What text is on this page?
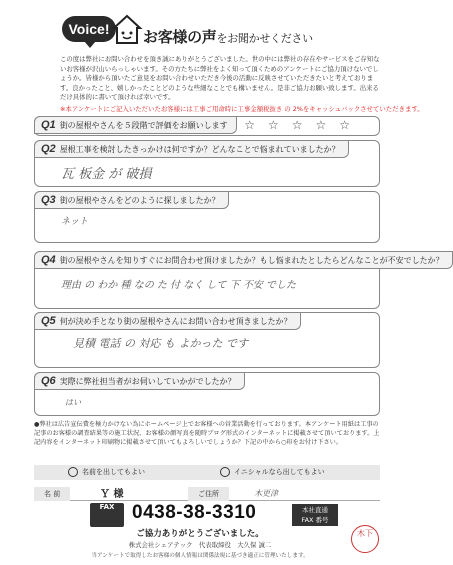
Voice!	お客様の声をお聞かせください
この度は弊社にお問い合わせを頂き誠にありがとうございました。世の中には弊社の存在やサービスをご存知ないお客様が沢山いらっしゃいます。その方たちに弊社をよく知って頂くためのアンケートにご協力頂けないでしょうか。皆様から頂いたご意見をお問い合わせいただき今後の活動に反映させていただきたいと考えております。良かったこと、嬉しかったことどのような些細なことでも構いません。是非ご協力お願い致します。出来るだけ具体的に書いて頂ければ幸いです。
※本アンケートにご記入いただいたお客様には工事ご用命時に工事金額税抜き の 2%をキャッシュバックさせていただきます。
Q1 街の屋根やさんを５段階で評価をお願いします	☆☆☆☆☆
Q2 屋根工事を検討したきっかけは何ですか？どんなことで悩まれていましたか？
瓦 板金 が 破損
Q3 街の屋根やさんをどのように探しましたか？
ネット
Q4 街の屋根やさんを知りすぐにお問合わせ頂けましたか？もし悩まれたとしたらどんなことが不安でしたか？
理由 の わか 種 なの た 付 なく して 下 不安 でした
Q5 何が決め手となり街の屋根やさんにお問い合わせ頂きましたか？
見積 電話 の 対応 も よかった です
Q6 実際に弊社担当者がお伺いしていかがでしたか？
はい
●弊社は広告宣伝費を極力かけない為にホームページ上でお客様への営業活動を行っております。本アンケート用紙は工事の記事のお客様の調査結果等の施工状況、お客様の顔写真を随時ブログ形式のインターネットに掲載させて頂いております。上記内容をインターネット印刷物に掲載させて頂いてもよろしいでしょうか？下記の中から○印をお付け下さい。
名前を出してもよい	イニシャルなら出してもよい
名 前	Ｙ 様	ご住所	木更津
FAX 0438-38-3310	本社直通
FAX 番号
ご協力ありがとうございました。
株式会社シェアテック　代表取締役　大久保 誠二
当アンケートで取得したお客様の個人情報は関係法規に基づき適正に管理いたします。
木下
